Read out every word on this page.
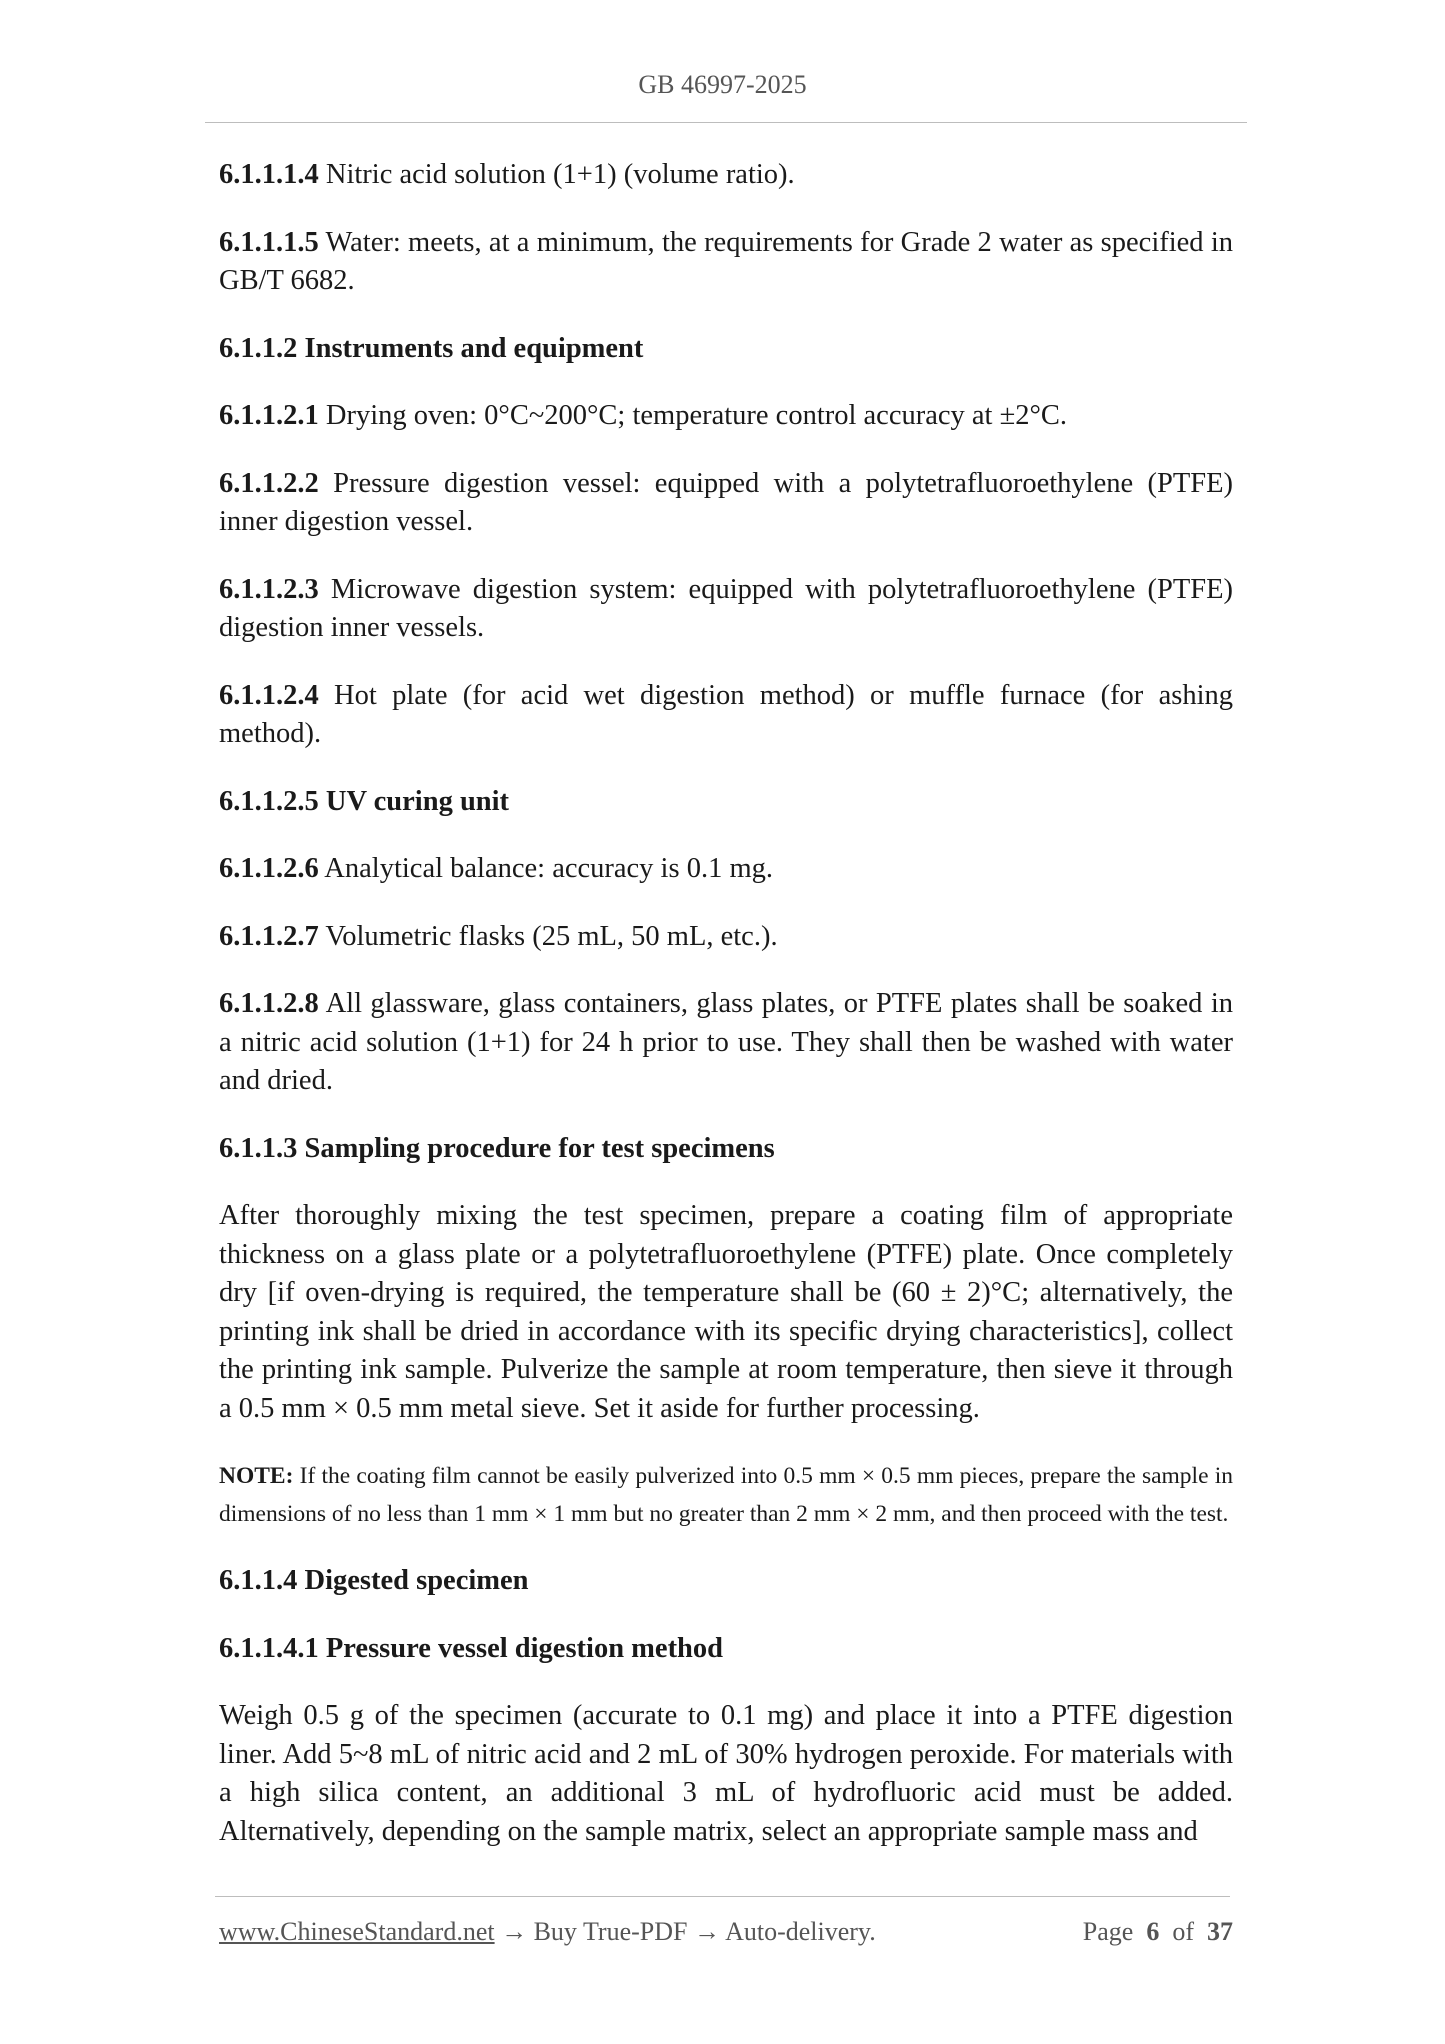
GB 46997-2025

6.1.1.1.4 Nitric acid solution (1+1) (volume ratio).

6.1.1.1.5 Water: meets, at a minimum, the requirements for Grade 2 water as specified in GB/T 6682.

6.1.1.2 Instruments and equipment

6.1.1.2.1 Drying oven: 0°C~200°C; temperature control accuracy at ±2°C.

6.1.1.2.2 Pressure digestion vessel: equipped with a polytetrafluoroethylene (PTFE) inner digestion vessel.

6.1.1.2.3 Microwave digestion system: equipped with polytetrafluoroethylene (PTFE) digestion inner vessels.

6.1.1.2.4 Hot plate (for acid wet digestion method) or muffle furnace (for ashing method).

6.1.1.2.5 UV curing unit

6.1.1.2.6 Analytical balance: accuracy is 0.1 mg.

6.1.1.2.7 Volumetric flasks (25 mL, 50 mL, etc.).

6.1.1.2.8 All glassware, glass containers, glass plates, or PTFE plates shall be soaked in a nitric acid solution (1+1) for 24 h prior to use. They shall then be washed with water and dried.

6.1.1.3 Sampling procedure for test specimens

After thoroughly mixing the test specimen, prepare a coating film of appropriate thickness on a glass plate or a polytetrafluoroethylene (PTFE) plate. Once completely dry [if oven-drying is required, the temperature shall be (60 ± 2)°C; alternatively, the printing ink shall be dried in accordance with its specific drying characteristics], collect the printing ink sample. Pulverize the sample at room temperature, then sieve it through a 0.5 mm × 0.5 mm metal sieve. Set it aside for further processing.

NOTE: If the coating film cannot be easily pulverized into 0.5 mm × 0.5 mm pieces, prepare the sample in dimensions of no less than 1 mm × 1 mm but no greater than 2 mm × 2 mm, and then proceed with the test.

6.1.1.4 Digested specimen

6.1.1.4.1 Pressure vessel digestion method

Weigh 0.5 g of the specimen (accurate to 0.1 mg) and place it into a PTFE digestion liner. Add 5~8 mL of nitric acid and 2 mL of 30% hydrogen peroxide. For materials with a high silica content, an additional 3 mL of hydrofluoric acid must be added. Alternatively, depending on the sample matrix, select an appropriate sample mass and

www.ChineseStandard.net → Buy True-PDF → Auto-delivery.	Page 6 of 37
